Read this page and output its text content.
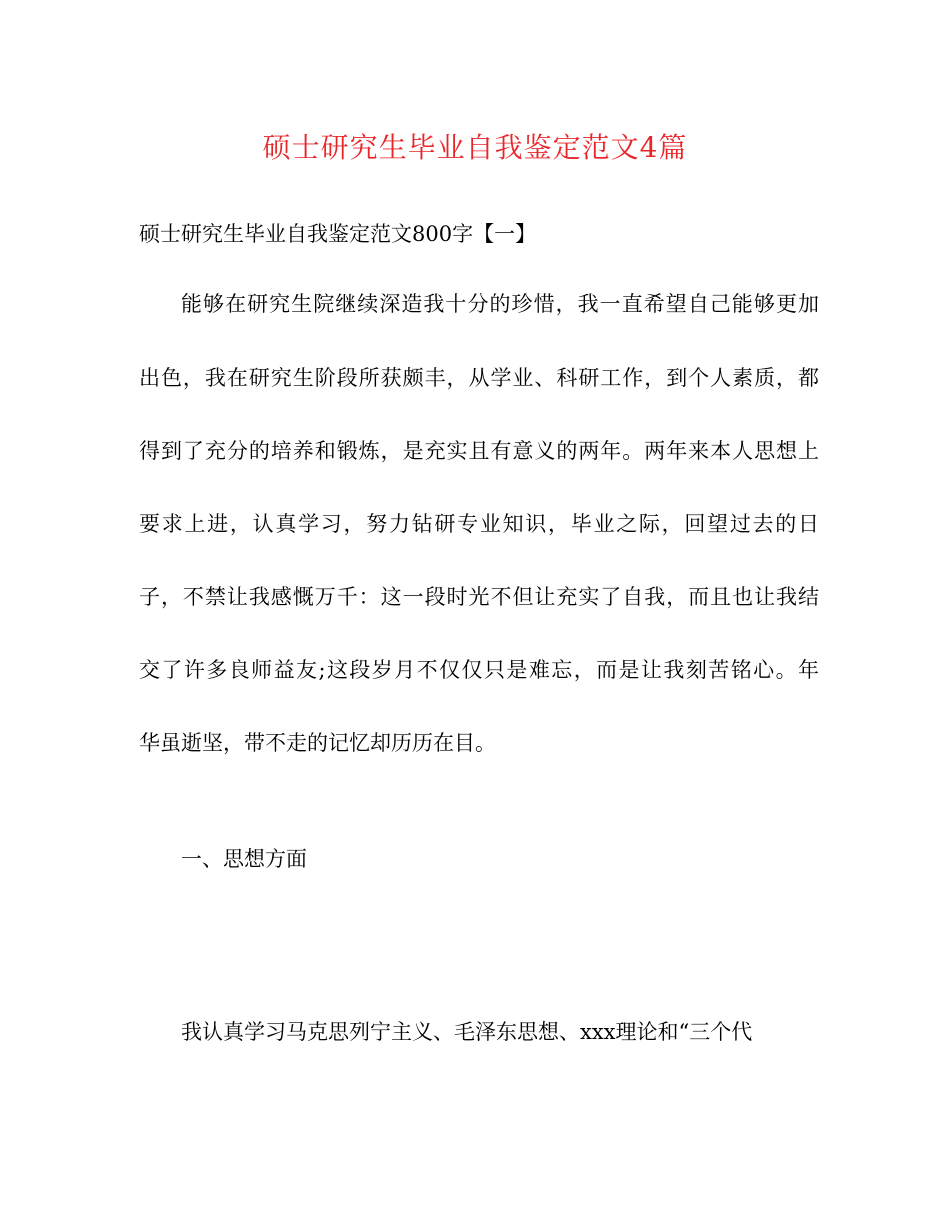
硕士研究生毕业自我鉴定范文4篇
硕士研究生毕业自我鉴定范文800字【一】
能够在研究生院继续深造我十分的珍惜，我一直希望自己能够更加
出色，我在研究生阶段所获颇丰，从学业、科研工作，到个人素质，都
得到了充分的培养和锻炼，是充实且有意义的两年。两年来本人思想上
要求上进，认真学习，努力钻研专业知识，毕业之际，回望过去的日
子，不禁让我感慨万千：这一段时光不但让充实了自我，而且也让我结
交了许多良师益友;这段岁月不仅仅只是难忘，而是让我刻苦铭心。年
华虽逝坚，带不走的记忆却历历在目。
一、思想方面
我认真学习马克思列宁主义、毛泽东思想、xxx理论和“三个代
